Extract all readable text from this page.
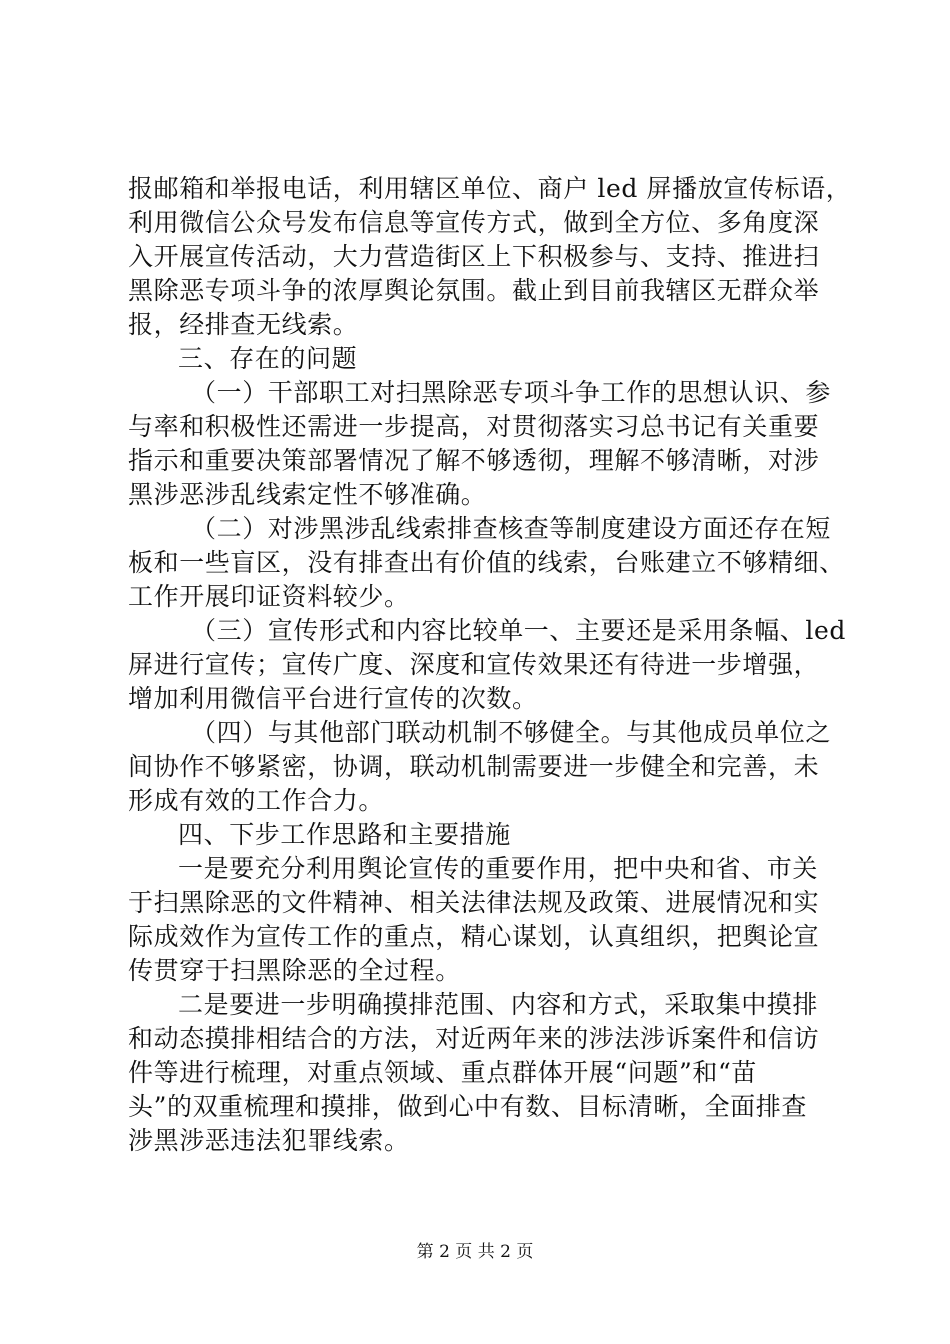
报邮箱和举报电话，利用辖区单位、商户 led 屏播放宣传标语，
利用微信公众号发布信息等宣传方式，做到全方位、多角度深
入开展宣传活动，大力营造街区上下积极参与、支持、推进扫
黑除恶专项斗争的浓厚舆论氛围。截止到目前我辖区无群众举
报，经排查无线索。
三、存在的问题
（一）干部职工对扫黑除恶专项斗争工作的思想认识、参
与率和积极性还需进一步提高，对贯彻落实习总书记有关重要
指示和重要决策部署情况了解不够透彻，理解不够清晰，对涉
黑涉恶涉乱线索定性不够准确。
（二）对涉黑涉乱线索排查核查等制度建设方面还存在短
板和一些盲区，没有排查出有价值的线索，台账建立不够精细、
工作开展印证资料较少。
（三）宣传形式和内容比较单一、主要还是采用条幅、led
屏进行宣传；宣传广度、深度和宣传效果还有待进一步增强，
增加利用微信平台进行宣传的次数。
（四）与其他部门联动机制不够健全。与其他成员单位之
间协作不够紧密，协调，联动机制需要进一步健全和完善，未
形成有效的工作合力。
四、下步工作思路和主要措施
一是要充分利用舆论宣传的重要作用，把中央和省、市关
于扫黑除恶的文件精神、相关法律法规及政策、进展情况和实
际成效作为宣传工作的重点，精心谋划，认真组织，把舆论宣
传贯穿于扫黑除恶的全过程。
二是要进一步明确摸排范围、内容和方式，采取集中摸排
和动态摸排相结合的方法，对近两年来的涉法涉诉案件和信访
件等进行梳理，对重点领域、重点群体开展“问题”和“苗
头”的双重梳理和摸排，做到心中有数、目标清晰，全面排查
涉黑涉恶违法犯罪线索。
第 2 页 共 2 页
